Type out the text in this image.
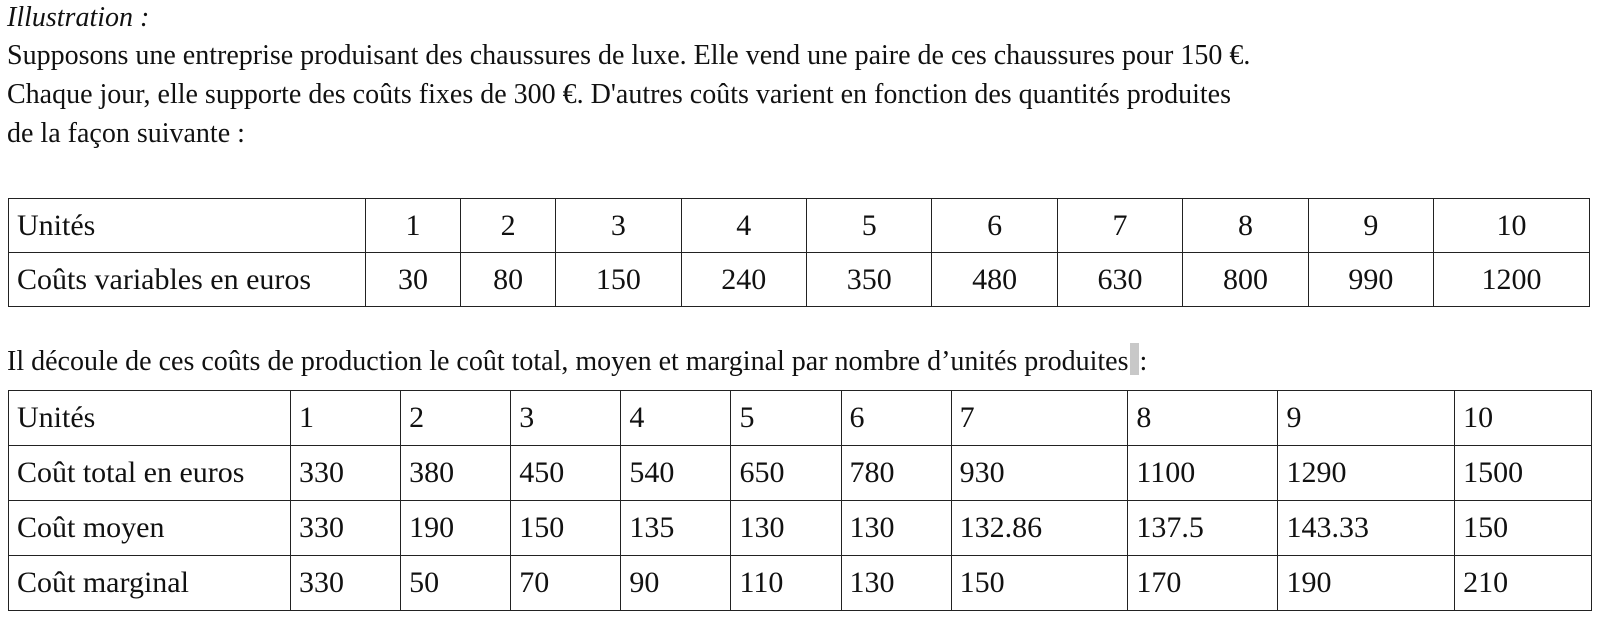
Illustration :

Supposons une entreprise produisant des chaussures de luxe. Elle vend une paire de ces chaussures pour 150 €.

Chaque jour, elle supporte des coûts fixes de 300 €. D'autres coûts varient en fonction des quantités produites

de la façon suivante :

Unités	1	2	3	4	5	6	7	8	9	10
Coûts variables en euros	30	80	150	240	350	480	630	800	990	1200

Il découle de ces coûts de production le coût total, moyen et marginal par nombre d’unités produites :

Unités	1	2	3	4	5	6	7	8	9	10
Coût total en euros	330	380	450	540	650	780	930	1100	1290	1500
Coût moyen	330	190	150	135	130	130	132.86	137.5	143.33	150
Coût marginal	330	50	70	90	110	130	150	170	190	210
